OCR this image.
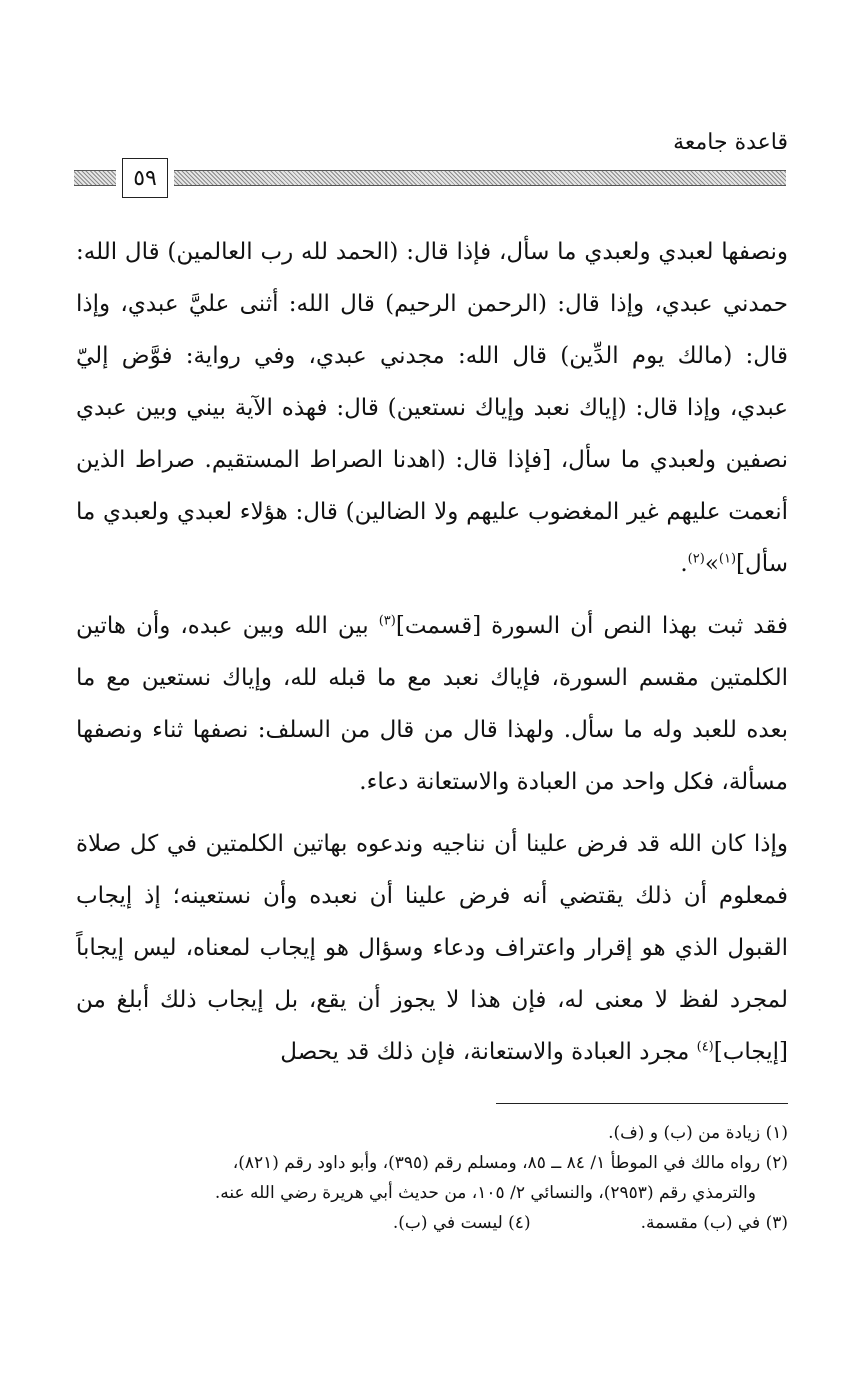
قاعدة جامعة
٥٩

ونصفها لعبدي ولعبدي ما سأل، فإذا قال: (الحمد لله رب العالمين) قال الله: حمدني عبدي، وإذا قال: (الرحمن الرحيم) قال الله: أثنى عليَّ عبدي، وإذا قال: (مالك يوم الدِّين) قال الله: مجدني عبدي، وفي رواية: فوَّض إليّ عبدي، وإذا قال: (إياك نعبد وإياك نستعين) قال: فهذه الآية بيني وبين عبدي نصفين ولعبدي ما سأل، [فإذا قال: (اهدنا الصراط المستقيم. صراط الذين أنعمت عليهم غير المغضوب عليهم ولا الضالين) قال: هؤلاء لعبدي ولعبدي ما سأل]$^{(١)}$»$^{(٢)}$.

فقد ثبت بهذا النص أن السورة [قسمت]$^{(٣)}$ بين الله وبين عبده، وأن هاتين الكلمتين مقسم السورة، فإياك نعبد مع ما قبله لله، وإياك نستعين مع ما بعده للعبد وله ما سأل. ولهذا قال من قال من السلف: نصفها ثناء ونصفها مسألة، فكل واحد من العبادة والاستعانة دعاء.

وإذا كان الله قد فرض علينا أن نناجيه وندعوه بهاتين الكلمتين في كل صلاة فمعلوم أن ذلك يقتضي أنه فرض علينا أن نعبده وأن نستعينه؛ إذ إيجاب القبول الذي هو إقرار واعتراف ودعاء وسؤال هو إيجاب لمعناه، ليس إيجاباً لمجرد لفظ لا معنى له، فإن هذا لا يجوز أن يقع، بل إيجاب ذلك أبلغ من [إيجاب]$^{(٤)}$ مجرد العبادة والاستعانة، فإن ذلك قد يحصل

(١) زيادة من (ب) و (ف).

(٢) رواه مالك في الموطأ ١/ ٨٤ ــ ٨٥، ومسلم رقم (٣٩٥)، وأبو داود رقم (٨٢١)،

والترمذي رقم (٢٩٥٣)، والنسائي ٢/ ١٠٥، من حديث أبي هريرة رضي الله عنه.

(٣) في (ب) مقسمة.
(٤) ليست في (ب).
